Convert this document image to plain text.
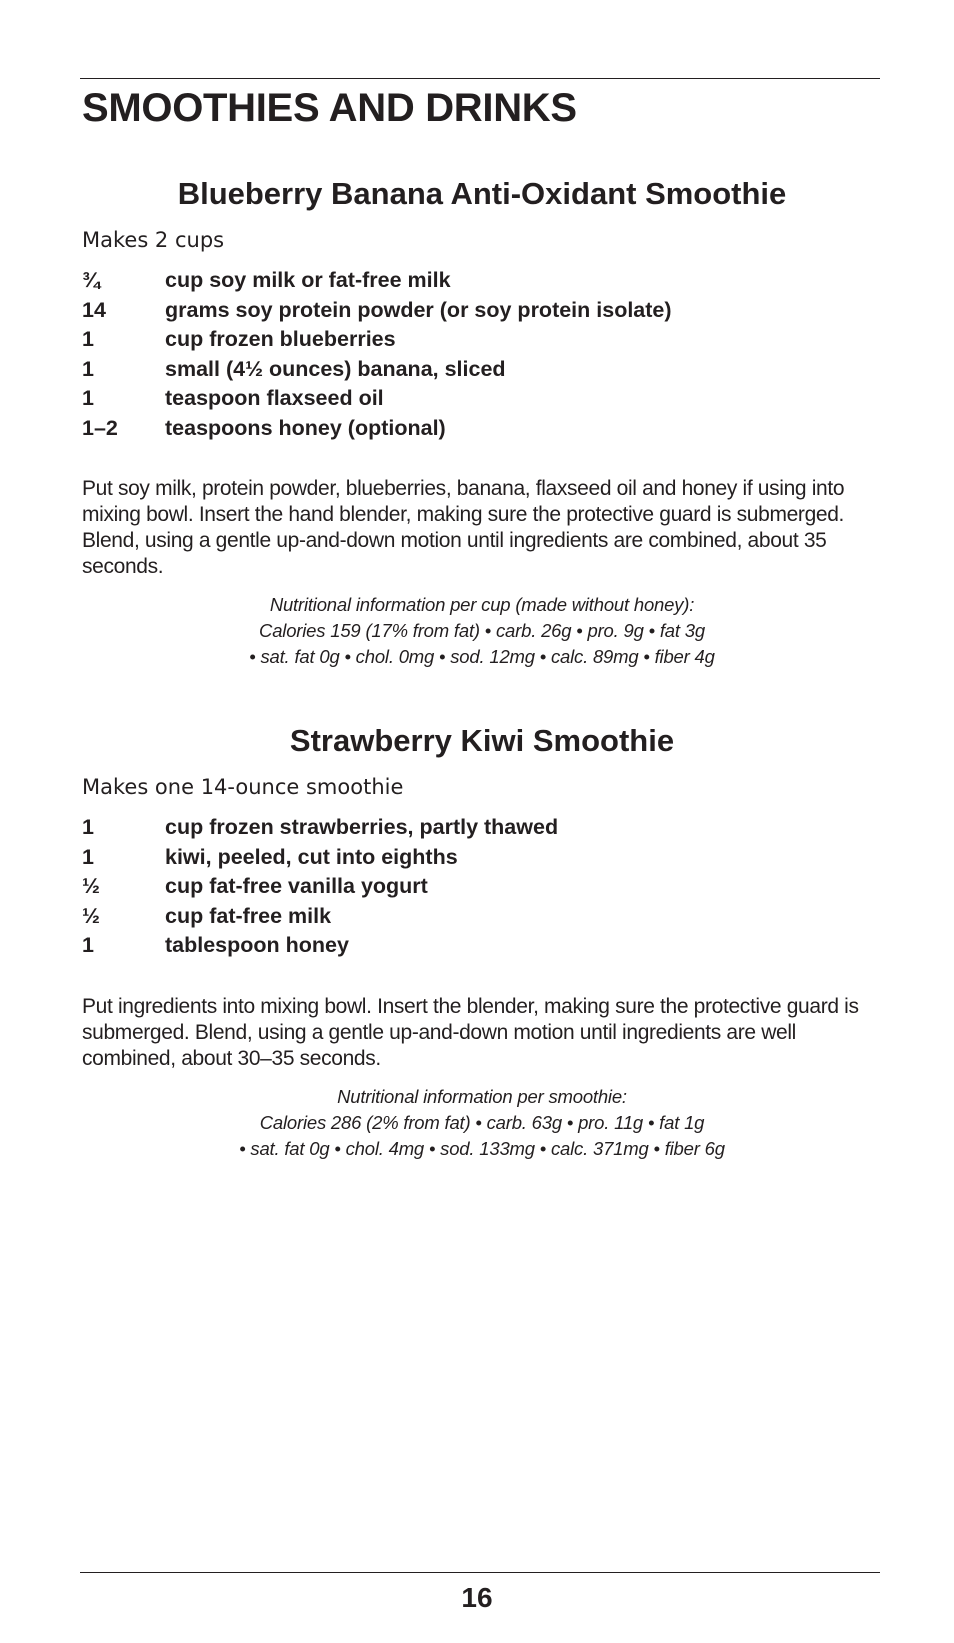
SMOOTHIES AND DRINKS
Blueberry Banana Anti-Oxidant Smoothie

Makes 2 cups

¾	cup soy milk or fat-free milk
14	grams soy protein powder (or soy protein isolate)
1	cup frozen blueberries
1	small (4½ ounces) banana, sliced
1	teaspoon flaxseed oil
1–2	teaspoons honey (optional)

Put soy milk, protein powder, blueberries, banana, flaxseed oil and honey if using into mixing bowl. Insert the hand blender, making sure the protective guard is submerged. Blend, using a gentle up-and-down motion until ingredients are combined, about 35 seconds.

Nutritional information per cup (made without honey):
Calories 159 (17% from fat) • carb. 26g • pro. 9g • fat 3g
• sat. fat 0g • chol. 0mg • sod. 12mg • calc. 89mg • fiber 4g

Strawberry Kiwi Smoothie

Makes one 14-ounce smoothie

1	cup frozen strawberries, partly thawed
1	kiwi, peeled, cut into eighths
½	cup fat-free vanilla yogurt
½	cup fat-free milk
1	tablespoon honey

Put ingredients into mixing bowl. Insert the blender, making sure the protective guard is submerged. Blend, using a gentle up-and-down motion until ingredients are well combined, about 30–35 seconds.

Nutritional information per smoothie:
Calories 286 (2% from fat) • carb. 63g • pro. 11g • fat 1g
• sat. fat 0g • chol. 4mg • sod. 133mg • calc. 371mg • fiber 6g

16
